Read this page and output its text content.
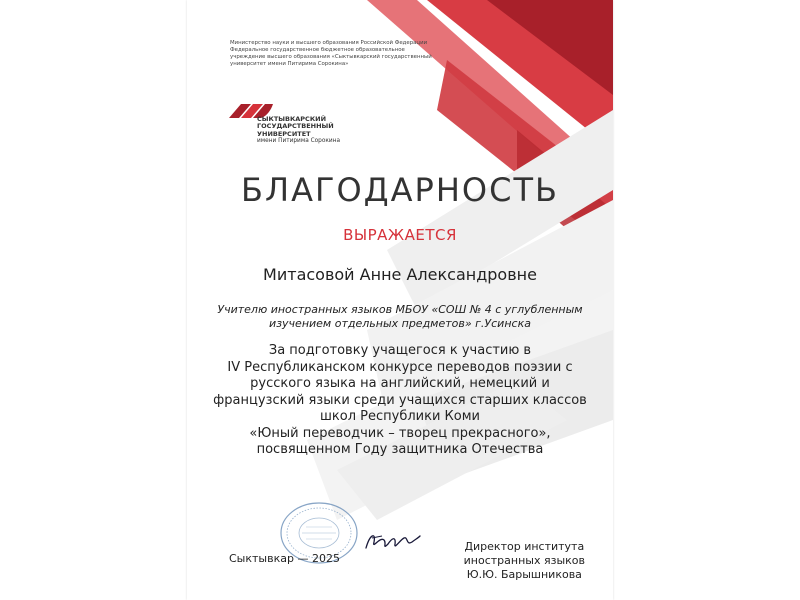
Министерство науки и высшего образования Российской Федерации
Федеральное государственное бюджетное образовательное
учреждение высшего образования «Сыктывкарский государственный
университет имени Питирима Сорокина»
СЫКТЫВКАРСКИЙ
ГОСУДАРСТВЕННЫЙ
УНИВЕРСИТЕТ
имени Питирима Сорокина
БЛАГОДАРНОСТЬ
ВЫРАЖАЕТСЯ
Митасовой Анне Александровне
Учителю иностранных языков МБОУ «СОШ № 4 с углубленным
изучением отдельных предметов» г.Усинска
За подготовку учащегося к участию в
IV Республиканском конкурсе переводов поэзии с
русского языка на английский, немецкий и
французский языки среди учащихся старших классов
школ Республики Коми
«Юный переводчик – творец прекрасного»,
посвященном Году защитника Отечества
Сыктывкар — 2025
Директор института
иностранных языков
Ю.Ю. Барышникова
